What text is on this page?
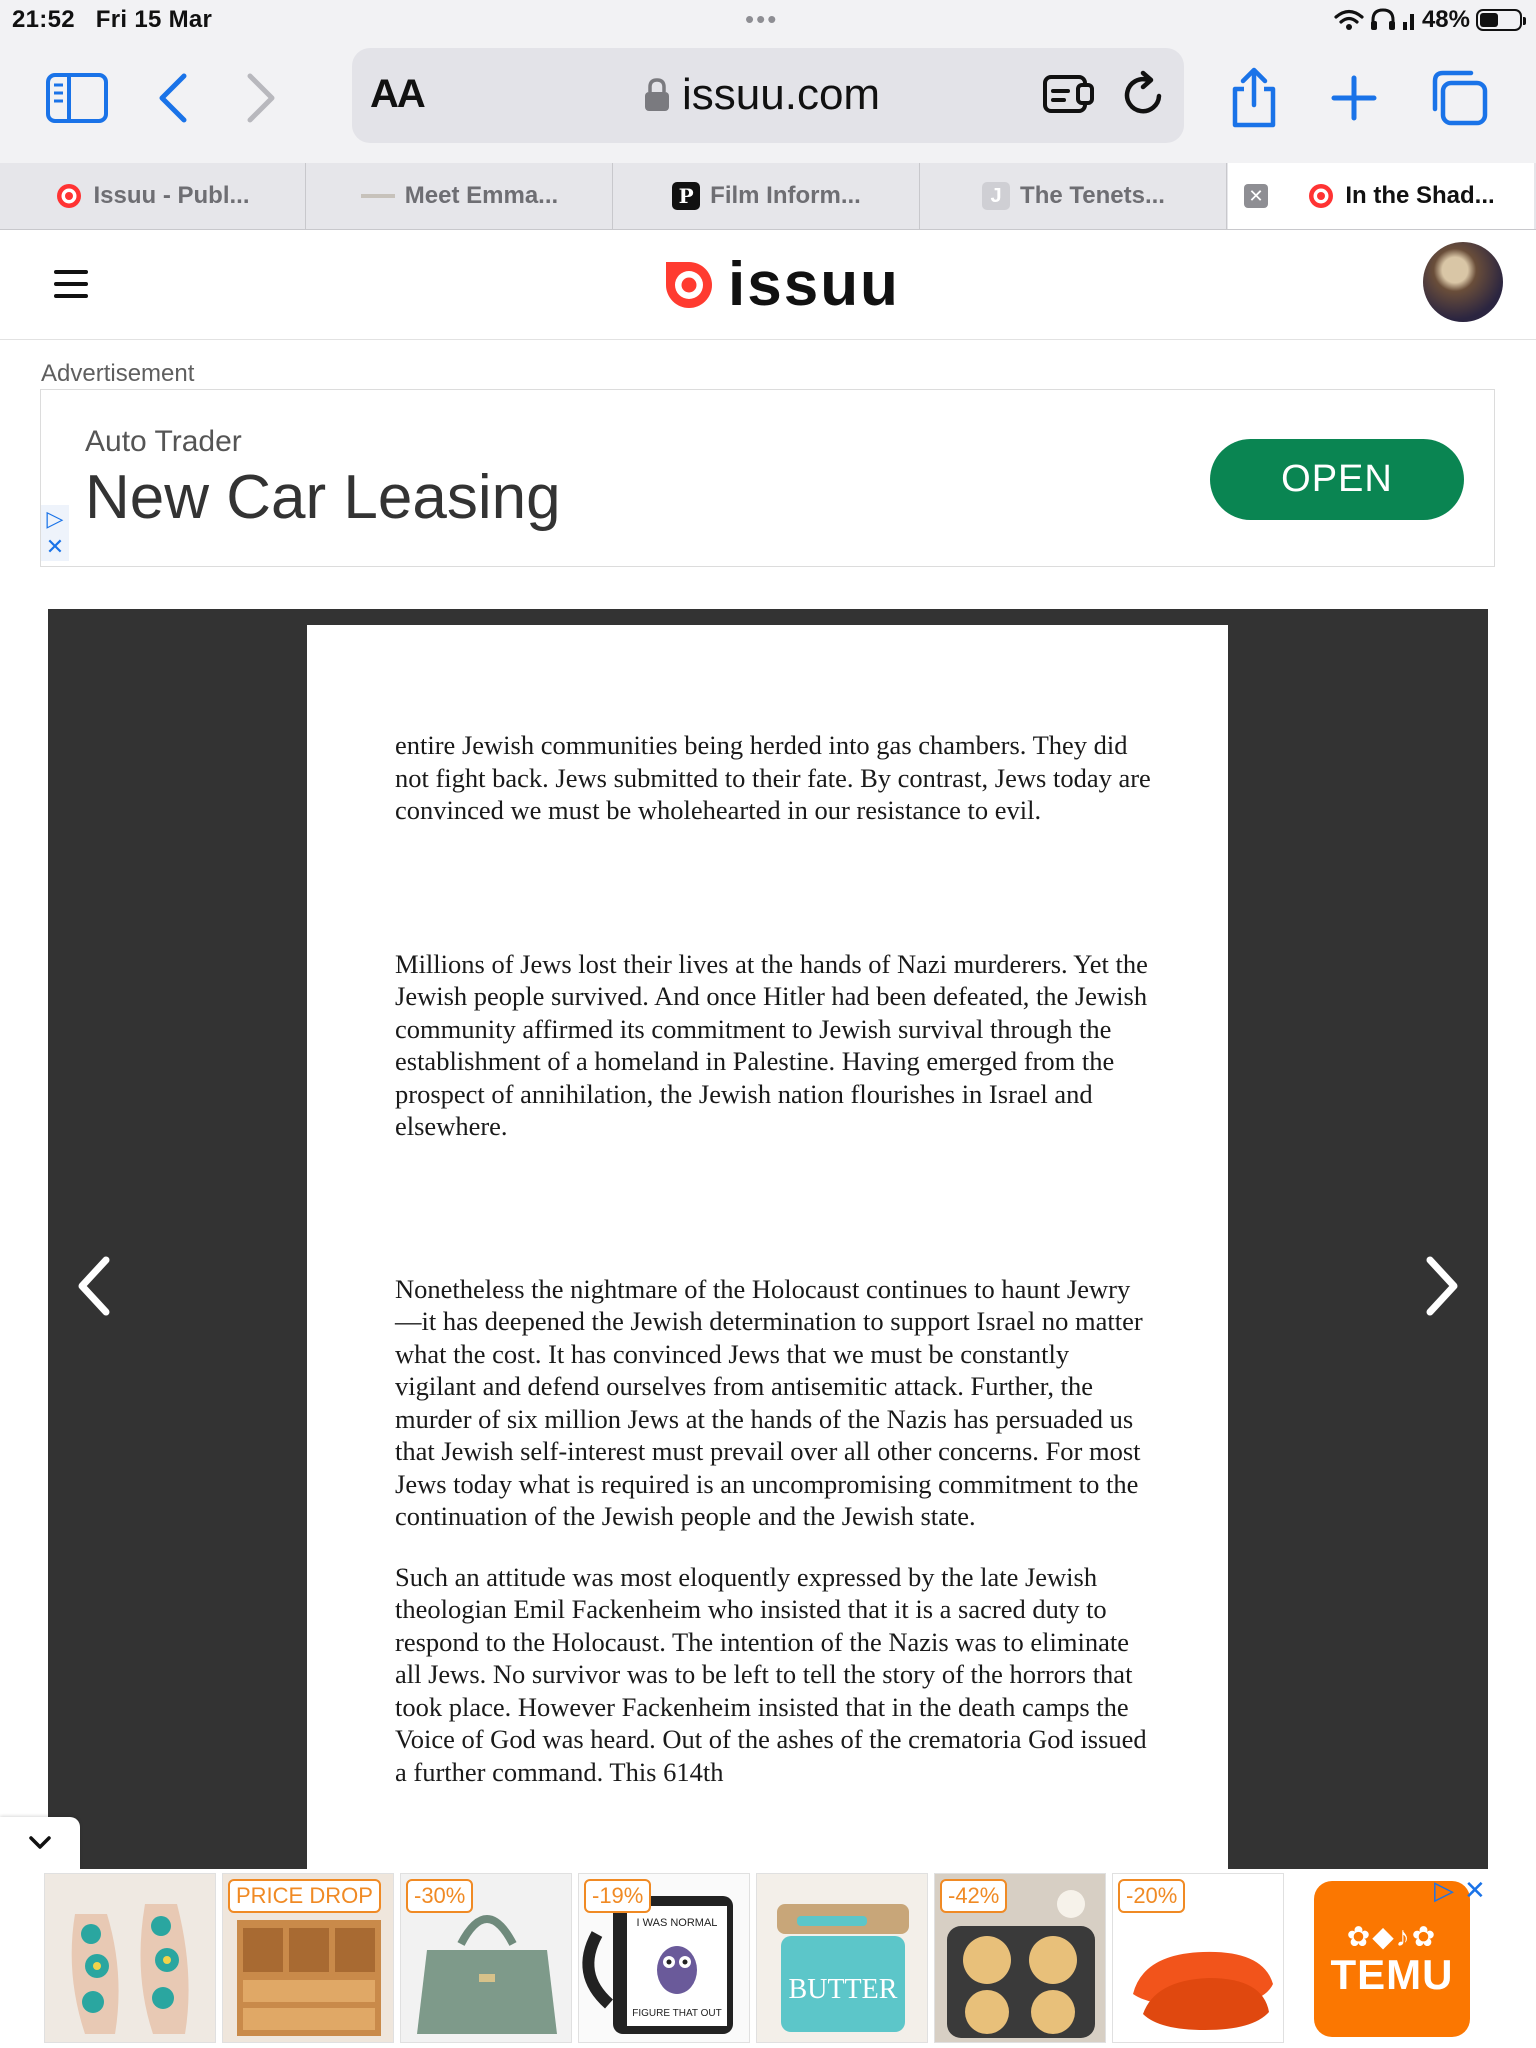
21:52 Fri 15 Mar	•••	48%
AA	issuu.com
Issuu - Publ...	Meet Emma...	P Film Inform...	J The Tenets...	✕	In the Shad...
issuu
Advertisement
Auto Trader
New Car Leasing	OPEN
▷
✕

entire Jewish communities being herded into gas chambers. They did not fight back. Jews submitted to their fate. By contrast, Jews today are convinced we must be wholehearted in our resistance to evil.

Millions of Jews lost their lives at the hands of Nazi murderers. Yet the Jewish people survived. And once Hitler had been defeated, the Jewish community affirmed its commitment to Jewish survival through the establishment of a homeland in Palestine. Having emerged from the prospect of annihilation, the Jewish nation flourishes in Israel and elsewhere.

Nonetheless the nightmare of the Holocaust continues to haunt Jewry—it has deepened the Jewish determination to support Israel no matter what the cost. It has convinced Jews that we must be constantly vigilant and defend ourselves from antisemitic attack. Further, the murder of six million Jews at the hands of the Nazis has persuaded us that Jewish self-interest must prevail over all other concerns. For most Jews today what is required is an uncompromising commitment to the continuation of the Jewish people and the Jewish state.

Such an attitude was most eloquently expressed by the late Jewish theologian Emil Fackenheim who insisted that it is a sacred duty to respond to the Holocaust. The intention of the Nazis was to eliminate all Jews. No survivor was to be left to tell the story of the horrors that took place. However Fackenheim insisted that in the death camps the Voice of God was heard. Out of the ashes of the crematoria God issued a further command. This 614th

PRICE DROP	-30%
I WAS NORMAL
FIGURE THAT OUT
-19%
BUTTER
-42%	-20%
✿◆♪✿
TEMU
▷ ✕
